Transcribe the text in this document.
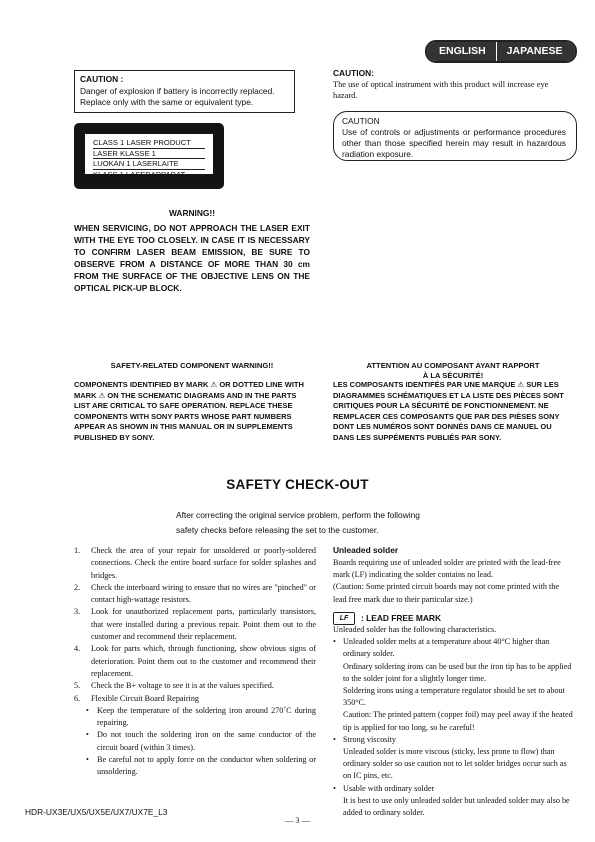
ENGLISH	JAPANESE
CAUTION :
Danger of explosion if battery is incorrectly replaced.
Replace only with the same or equivalent type.
CLASS 1 LASER PRODUCT
LASER KLASSE 1
LUOKAN 1 LASERLAITE
KLASS 1 LASERAPPARAT
WARNING!!
WHEN SERVICING, DO NOT APPROACH THE LASER EXIT WITH THE EYE TOO CLOSELY. IN CASE IT IS NECESSARY TO CONFIRM LASER BEAM EMISSION, BE SURE TO OBSERVE FROM A DISTANCE OF MORE THAN 30 cm FROM THE SURFACE OF THE OBJECTIVE LENS ON THE OPTICAL PICK-UP BLOCK.
CAUTION:
The use of optical instrument with this product will increase eye hazard.
CAUTION
Use of controls or adjustments or performance procedures other than those specified herein may result in hazardous radiation exposure.
SAFETY-RELATED COMPONENT WARNING!!
COMPONENTS IDENTIFIED BY MARK ⚠ OR DOTTED LINE WITH MARK ⚠ ON THE SCHEMATIC DIAGRAMS AND IN THE PARTS LIST ARE CRITICAL TO SAFE OPERATION. REPLACE THESE COMPONENTS WITH SONY PARTS WHOSE PART NUMBERS APPEAR AS SHOWN IN THIS MANUAL OR IN SUPPLEMENTS PUBLISHED BY SONY.
ATTENTION AU COMPOSANT AYANT RAPPORT
À LA SÉCURITÉ!
LES COMPOSANTS IDENTIFÉS PAR UNE MARQUE ⚠ SUR LES DIAGRAMMES SCHÉMATIQUES ET LA LISTE DES PIÈCES SONT CRITIQUES POUR LA SÉCURITÉ DE FONCTIONNEMENT. NE REMPLACER CES COMPOSANTS QUE PAR DES PIÈSES SONY DONT LES NUMÉROS SONT DONNÉS DANS CE MANUEL OU DANS LES SUPPÉMENTS PUBLIÉS PAR SONY.
SAFETY CHECK-OUT
After correcting the original service problem, perform the following
safety checks before releasing the set to the customer.
1. Check the area of your repair for unsoldered or poorly-soldered connections. Check the entire board surface for solder splashes and bridges.
2. Check the interboard wiring to ensure that no wires are "pinched" or contact high-wattage resistors.
3. Look for unauthorized replacement parts, particularly transistors, that were installed during a previous repair. Point them out to the customer and recommend their replacement.
4. Look for parts which, through functioning, show obvious signs of deterioration. Point them out to the customer and recommend their replacement.
5. Check the B+ voltage to see it is at the values specified.
6. Flexible Circuit Board Repairing
• Keep the temperature of the soldering iron around 270˚C during repairing.
• Do not touch the soldering iron on the same conductor of the circuit board (within 3 times).
• Be careful not to apply force on the conductor when soldering or unsoldering.
Unleaded solder
Boards requiring use of unleaded solder are printed with the lead-free mark (LF) indicating the solder contains no lead.
(Caution: Some printed circuit boards may not come printed with the lead free mark due to their particular size.)
LF	: LEAD FREE MARK
Unleaded solder has the following characteristics.
• Unleaded solder melts at a temperature about 40°C higher than ordinary solder.
Ordinary soldering irons can be used but the iron tip has to be applied to the solder joint for a slightly longer time.
Soldering irons using a temperature regulator should be set to about 350°C.
Caution: The printed pattern (copper foil) may peel away if the heated tip is applied for too long, so be careful!
• Strong viscosity
Unleaded solder is more viscous (sticky, less prone to flow) than ordinary solder so use caution not to let solder bridges occur such as on IC pins, etc.
• Usable with ordinary solder
It is best to use only unleaded solder but unleaded solder may also be added to ordinary solder.
HDR-UX3E/UX5/UX5E/UX7/UX7E_L3
— 3 —
